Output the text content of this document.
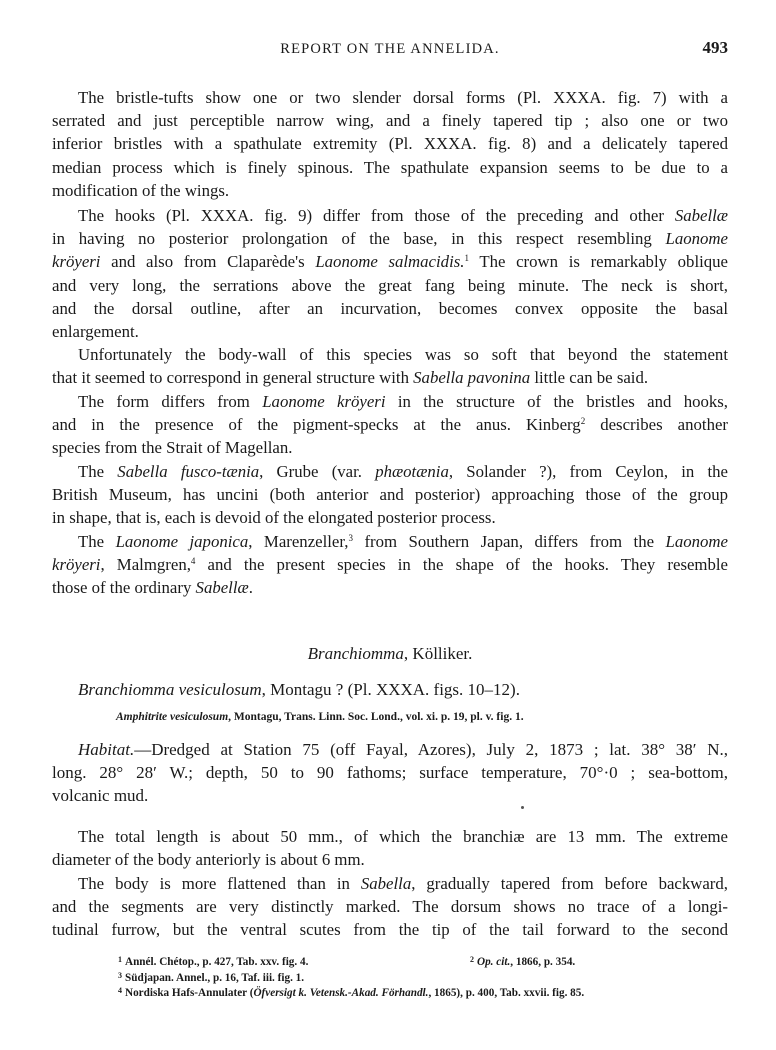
REPORT ON THE ANNELIDA.	493
The bristle-tufts show one or two slender dorsal forms (Pl. XXXA. fig. 7) with a
serrated and just perceptible narrow wing, and a finely tapered tip ; also one or two
inferior bristles with a spathulate extremity (Pl. XXXA. fig. 8) and a delicately tapered
median process which is finely spinous. The spathulate expansion seems to be due to a
modification of the wings.
The hooks (Pl. XXXA. fig. 9) differ from those of the preceding and other Sabellæ
in having no posterior prolongation of the base, in this respect resembling Laonome
kröyeri and also from Claparède's Laonome salmacidis.$^1$ The crown is remarkably oblique
and very long, the serrations above the great fang being minute. The neck is short,
and the dorsal outline, after an incurvation, becomes convex opposite the basal
enlargement.
Unfortunately the body-wall of this species was so soft that beyond the statement
that it seemed to correspond in general structure with Sabella pavonina little can be said.
The form differs from Laonome kröyeri in the structure of the bristles and hooks,
and in the presence of the pigment-specks at the anus. Kinberg$^2$ describes another
species from the Strait of Magellan.
The Sabella fusco-tænia, Grube (var. phæotænia, Solander ?), from Ceylon, in the
British Museum, has uncini (both anterior and posterior) approaching those of the group
in shape, that is, each is devoid of the elongated posterior process.
The Laonome japonica, Marenzeller,$^3$ from Southern Japan, differs from the Laonome
kröyeri, Malmgren,$^4$ and the present species in the shape of the hooks. They resemble
those of the ordinary Sabellæ.
Branchiomma, Kölliker.
Branchiomma vesiculosum, Montagu ? (Pl. XXXA. figs. 10–12).
Amphitrite vesiculosum, Montagu, Trans. Linn. Soc. Lond., vol. xi. p. 19, pl. v. fig. 1.
Habitat.—Dredged at Station 75 (off Fayal, Azores), July 2, 1873 ; lat. 38° 38′ N.,
long. 28° 28′ W.; depth, 50 to 90 fathoms; surface temperature, 70°·0 ; sea-bottom,
volcanic mud.
The total length is about 50 mm., of which the branchiæ are 13 mm. The extreme
diameter of the body anteriorly is about 6 mm.
The body is more flattened than in Sabella, gradually tapered from before backward,
and the segments are very distinctly marked. The dorsum shows no trace of a longi-
tudinal furrow, but the ventral scutes from the tip of the tail forward to the second
$^1$ Annél. Chétop., p. 427, Tab. xxv. fig. 4.	$^2$ Op. cit., 1866, p. 354.
$^3$ Südjapan. Annel., p. 16, Taf. iii. fig. 1.
$^4$ Nordiska Hafs-Annulater (Öfversigt k. Vetensk.-Akad. Förhandl., 1865), p. 400, Tab. xxvii. fig. 85.
